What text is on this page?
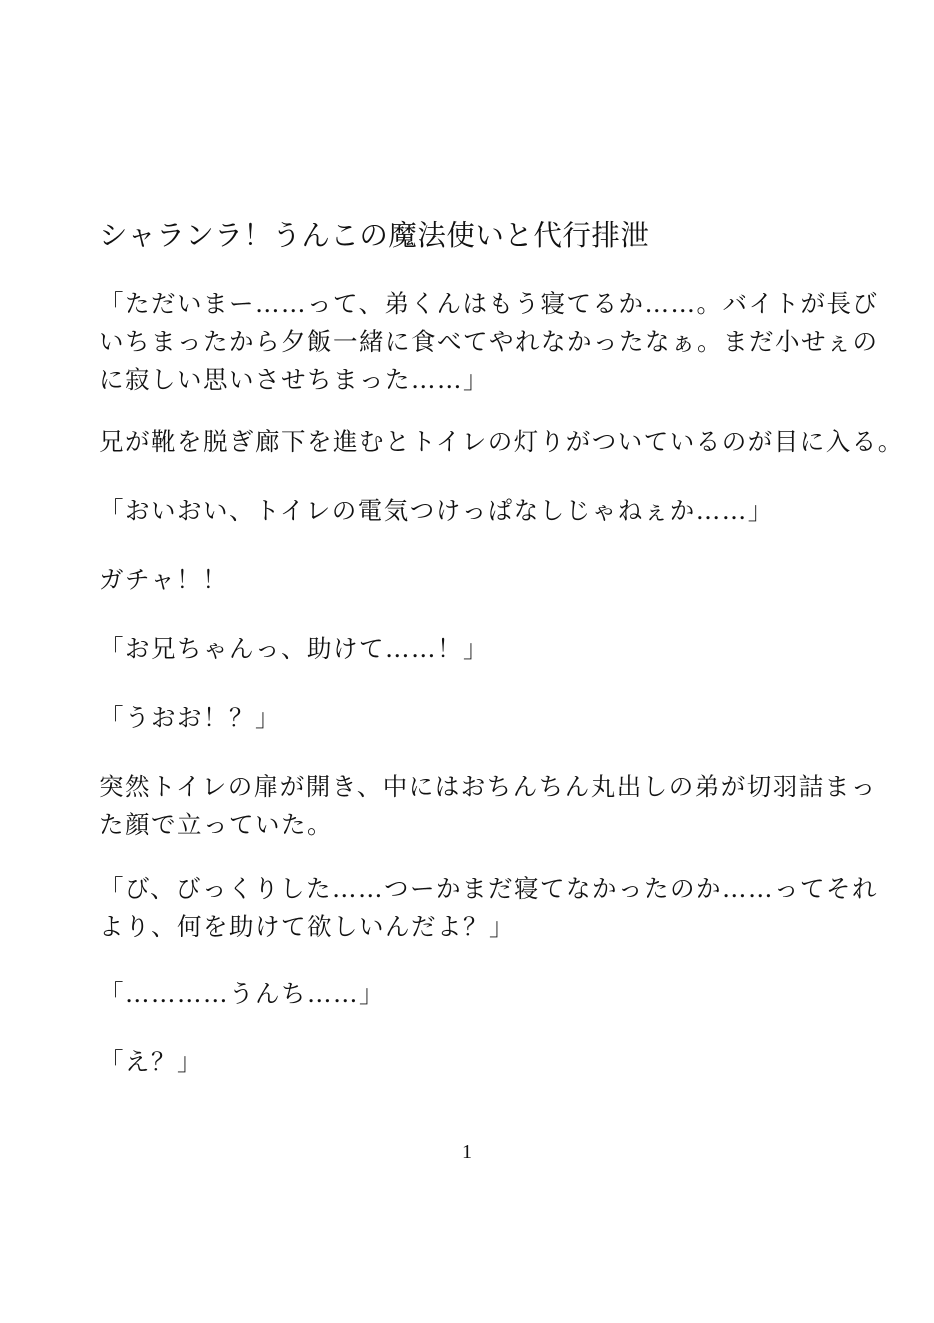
シャランラ！うんこの魔法使いと代行排泄

「ただいまー……って、弟くんはもう寝てるか……。バイトが長び
いちまったから夕飯一緒に食べてやれなかったなぁ。まだ小せぇの
に寂しい思いさせちまった……」

兄が靴を脱ぎ廊下を進むとトイレの灯りがついているのが目に入る。

「おいおい、トイレの電気つけっぱなしじゃねぇか……」

ガチャ！！

「お兄ちゃんっ、助けて……！」

「うおお！？」

突然トイレの扉が開き、中にはおちんちん丸出しの弟が切羽詰まっ
た顔で立っていた。

「び、びっくりした……つーかまだ寝てなかったのか……ってそれ
より、何を助けて欲しいんだよ？」

「…………うんち……」

「え？」

1
